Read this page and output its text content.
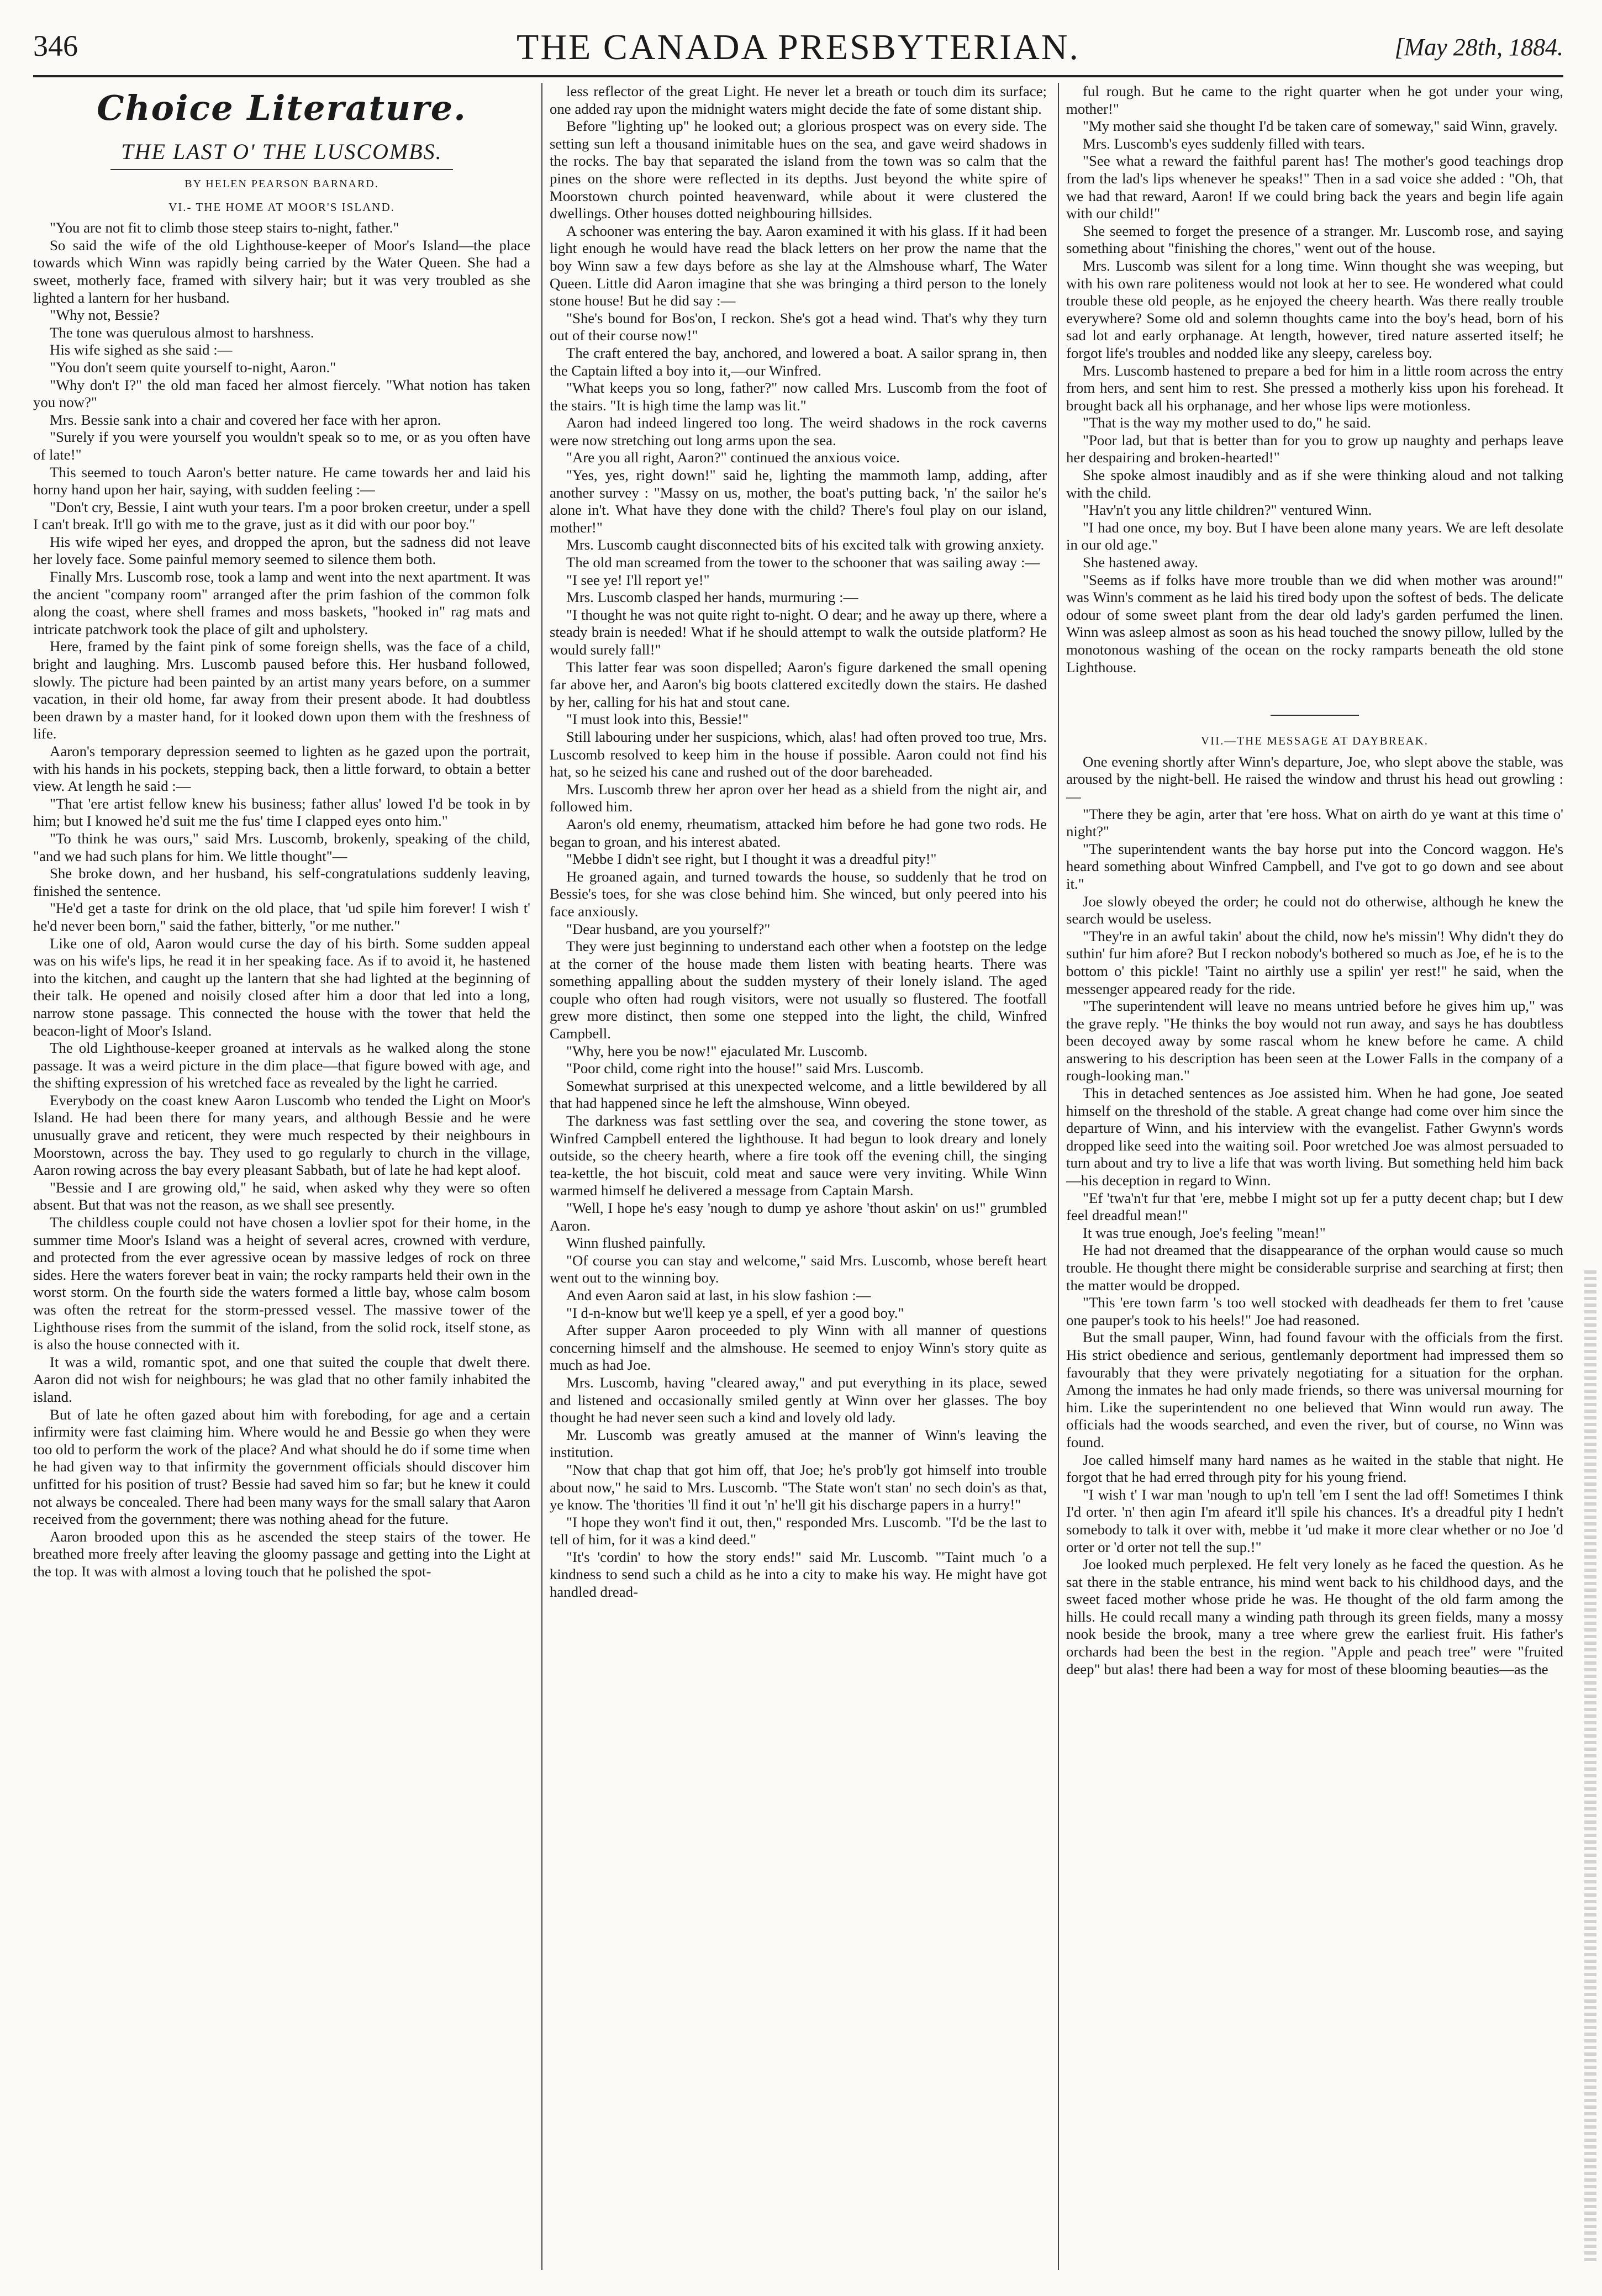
346	THE CANADA PRESBYTERIAN.	[May 28th, 1884.
Choice Literature.
THE LAST O' THE LUSCOMBS.
BY HELEN PEARSON BARNARD.
VI.- THE HOME AT MOOR'S ISLAND.

"You are not fit to climb those steep stairs to-night, father."

So said the wife of the old Lighthouse-keeper of Moor's Island—the place towards which Winn was rapidly being carried by the Water Queen. She had a sweet, motherly face, framed with silvery hair; but it was very troubled as she lighted a lantern for her husband.

"Why not, Bessie?

The tone was querulous almost to harshness.

His wife sighed as she said :—

"You don't seem quite yourself to-night, Aaron."

"Why don't I?" the old man faced her almost fiercely. "What notion has taken you now?"

Mrs. Bessie sank into a chair and covered her face with her apron.

"Surely if you were yourself you wouldn't speak so to me, or as you often have of late!"

This seemed to touch Aaron's better nature. He came towards her and laid his horny hand upon her hair, saying, with sudden feeling :—

"Don't cry, Bessie, I aint wuth your tears. I'm a poor broken creetur, under a spell I can't break. It'll go with me to the grave, just as it did with our poor boy."

His wife wiped her eyes, and dropped the apron, but the sadness did not leave her lovely face. Some painful memory seemed to silence them both.

Finally Mrs. Luscomb rose, took a lamp and went into the next apartment. It was the ancient "company room" arranged after the prim fashion of the common folk along the coast, where shell frames and moss baskets, "hooked in" rag mats and intricate patchwork took the place of gilt and upholstery.

Here, framed by the faint pink of some foreign shells, was the face of a child, bright and laughing. Mrs. Luscomb paused before this. Her husband followed, slowly. The picture had been painted by an artist many years before, on a summer vacation, in their old home, far away from their present abode. It had doubtless been drawn by a master hand, for it looked down upon them with the freshness of life.

Aaron's temporary depression seemed to lighten as he gazed upon the portrait, with his hands in his pockets, stepping back, then a little forward, to obtain a better view. At length he said :—

"That 'ere artist fellow knew his business; father allus' lowed I'd be took in by him; but I knowed he'd suit me the fus' time I clapped eyes onto him."

"To think he was ours," said Mrs. Luscomb, brokenly, speaking of the child, "and we had such plans for him. We little thought"—

She broke down, and her husband, his self-congratulations suddenly leaving, finished the sentence.

"He'd get a taste for drink on the old place, that 'ud spile him forever! I wish t' he'd never been born," said the father, bitterly, "or me nuther."

Like one of old, Aaron would curse the day of his birth. Some sudden appeal was on his wife's lips, he read it in her speaking face. As if to avoid it, he hastened into the kitchen, and caught up the lantern that she had lighted at the beginning of their talk. He opened and noisily closed after him a door that led into a long, narrow stone passage. This connected the house with the tower that held the beacon-light of Moor's Island.

The old Lighthouse-keeper groaned at intervals as he walked along the stone passage. It was a weird picture in the dim place—that figure bowed with age, and the shifting expression of his wretched face as revealed by the light he carried.

Everybody on the coast knew Aaron Luscomb who tended the Light on Moor's Island. He had been there for many years, and although Bessie and he were unusually grave and reticent, they were much respected by their neighbours in Moorstown, across the bay. They used to go regularly to church in the village, Aaron rowing across the bay every pleasant Sabbath, but of late he had kept aloof.

"Bessie and I are growing old," he said, when asked why they were so often absent. But that was not the reason, as we shall see presently.

The childless couple could not have chosen a lovlier spot for their home, in the summer time Moor's Island was a height of several acres, crowned with verdure, and protected from the ever agressive ocean by massive ledges of rock on three sides. Here the waters forever beat in vain; the rocky ramparts held their own in the worst storm. On the fourth side the waters formed a little bay, whose calm bosom was often the retreat for the storm-pressed vessel. The massive tower of the Lighthouse rises from the summit of the island, from the solid rock, itself stone, as is also the house connected with it.

It was a wild, romantic spot, and one that suited the couple that dwelt there. Aaron did not wish for neighbours; he was glad that no other family inhabited the island.

But of late he often gazed about him with foreboding, for age and a certain infirmity were fast claiming him. Where would he and Bessie go when they were too old to perform the work of the place? And what should he do if some time when he had given way to that infirmity the government officials should discover him unfitted for his position of trust? Bessie had saved him so far; but he knew it could not always be concealed. There had been many ways for the small salary that Aaron received from the government; there was nothing ahead for the future.

Aaron brooded upon this as he ascended the steep stairs of the tower. He breathed more freely after leaving the gloomy passage and getting into the Light at the top. It was with almost a loving touch that he polished the spot-

less reflector of the great Light. He never let a breath or touch dim its surface; one added ray upon the midnight waters might decide the fate of some distant ship.

Before "lighting up" he looked out; a glorious prospect was on every side. The setting sun left a thousand inimitable hues on the sea, and gave weird shadows in the rocks. The bay that separated the island from the town was so calm that the pines on the shore were reflected in its depths. Just beyond the white spire of Moorstown church pointed heavenward, while about it were clustered the dwellings. Other houses dotted neighbouring hillsides.

A schooner was entering the bay. Aaron examined it with his glass. If it had been light enough he would have read the black letters on her prow the name that the boy Winn saw a few days before as she lay at the Almshouse wharf, The Water Queen. Little did Aaron imagine that she was bringing a third person to the lonely stone house! But he did say :—

"She's bound for Bos'on, I reckon. She's got a head wind. That's why they turn out of their course now!"

The craft entered the bay, anchored, and lowered a boat. A sailor sprang in, then the Captain lifted a boy into it,—our Winfred.

"What keeps you so long, father?" now called Mrs. Luscomb from the foot of the stairs. "It is high time the lamp was lit."

Aaron had indeed lingered too long. The weird shadows in the rock caverns were now stretching out long arms upon the sea.

"Are you all right, Aaron?" continued the anxious voice.

"Yes, yes, right down!" said he, lighting the mammoth lamp, adding, after another survey : "Massy on us, mother, the boat's putting back, 'n' the sailor he's alone in't. What have they done with the child? There's foul play on our island, mother!"

Mrs. Luscomb caught disconnected bits of his excited talk with growing anxiety.

The old man screamed from the tower to the schooner that was sailing away :—

"I see ye! I'll report ye!"

Mrs. Luscomb clasped her hands, murmuring :—

"I thought he was not quite right to-night. O dear; and he away up there, where a steady brain is needed! What if he should attempt to walk the outside platform? He would surely fall!"

This latter fear was soon dispelled; Aaron's figure darkened the small opening far above her, and Aaron's big boots clattered excitedly down the stairs. He dashed by her, calling for his hat and stout cane.

"I must look into this, Bessie!"

Still labouring under her suspicions, which, alas! had often proved too true, Mrs. Luscomb resolved to keep him in the house if possible. Aaron could not find his hat, so he seized his cane and rushed out of the door bareheaded.

Mrs. Luscomb threw her apron over her head as a shield from the night air, and followed him.

Aaron's old enemy, rheumatism, attacked him before he had gone two rods. He began to groan, and his interest abated.

"Mebbe I didn't see right, but I thought it was a dreadful pity!"

He groaned again, and turned towards the house, so suddenly that he trod on Bessie's toes, for she was close behind him. She winced, but only peered into his face anxiously.

"Dear husband, are you yourself?"

They were just beginning to understand each other when a footstep on the ledge at the corner of the house made them listen with beating hearts. There was something appalling about the sudden mystery of their lonely island. The aged couple who often had rough visitors, were not usually so flustered. The footfall grew more distinct, then some one stepped into the light, the child, Winfred Campbell.

"Why, here you be now!" ejaculated Mr. Luscomb.

"Poor child, come right into the house!" said Mrs. Luscomb.

Somewhat surprised at this unexpected welcome, and a little bewildered by all that had happened since he left the almshouse, Winn obeyed.

The darkness was fast settling over the sea, and covering the stone tower, as Winfred Campbell entered the lighthouse. It had begun to look dreary and lonely outside, so the cheery hearth, where a fire took off the evening chill, the singing tea-kettle, the hot biscuit, cold meat and sauce were very inviting. While Winn warmed himself he delivered a message from Captain Marsh.

"Well, I hope he's easy 'nough to dump ye ashore 'thout askin' on us!" grumbled Aaron.

Winn flushed painfully.

"Of course you can stay and welcome," said Mrs. Luscomb, whose bereft heart went out to the winning boy.

And even Aaron said at last, in his slow fashion :—

"I d-n-know but we'll keep ye a spell, ef yer a good boy."

After supper Aaron proceeded to ply Winn with all manner of questions concerning himself and the almshouse. He seemed to enjoy Winn's story quite as much as had Joe.

Mrs. Luscomb, having "cleared away," and put everything in its place, sewed and listened and occasionally smiled gently at Winn over her glasses. The boy thought he had never seen such a kind and lovely old lady.

Mr. Luscomb was greatly amused at the manner of Winn's leaving the institution.

"Now that chap that got him off, that Joe; he's prob'ly got himself into trouble about now," he said to Mrs. Luscomb. "The State won't stan' no sech doin's as that, ye know. The 'thorities 'll find it out 'n' he'll git his discharge papers in a hurry!"

"I hope they won't find it out, then," responded Mrs. Luscomb. "I'd be the last to tell of him, for it was a kind deed."

"It's 'cordin' to how the story ends!" said Mr. Luscomb. "'Taint much 'o a kindness to send such a child as he into a city to make his way. He might have got handled dread-

ful rough. But he came to the right quarter when he got under your wing, mother!"

"My mother said she thought I'd be taken care of someway," said Winn, gravely.

Mrs. Luscomb's eyes suddenly filled with tears.

"See what a reward the faithful parent has! The mother's good teachings drop from the lad's lips whenever he speaks!" Then in a sad voice she added : "Oh, that we had that reward, Aaron! If we could bring back the years and begin life again with our child!"

She seemed to forget the presence of a stranger. Mr. Luscomb rose, and saying something about "finishing the chores," went out of the house.

Mrs. Luscomb was silent for a long time. Winn thought she was weeping, but with his own rare politeness would not look at her to see. He wondered what could trouble these old people, as he enjoyed the cheery hearth. Was there really trouble everywhere? Some old and solemn thoughts came into the boy's head, born of his sad lot and early orphanage. At length, however, tired nature asserted itself; he forgot life's troubles and nodded like any sleepy, careless boy.

Mrs. Luscomb hastened to prepare a bed for him in a little room across the entry from hers, and sent him to rest. She pressed a motherly kiss upon his forehead. It brought back all his orphanage, and her whose lips were motionless.

"That is the way my mother used to do," he said.

"Poor lad, but that is better than for you to grow up naughty and perhaps leave her despairing and broken-hearted!"

She spoke almost inaudibly and as if she were thinking aloud and not talking with the child.

"Hav'n't you any little children?" ventured Winn.

"I had one once, my boy. But I have been alone many years. We are left desolate in our old age."

She hastened away.

"Seems as if folks have more trouble than we did when mother was around!" was Winn's comment as he laid his tired body upon the softest of beds. The delicate odour of some sweet plant from the dear old lady's garden perfumed the linen. Winn was asleep almost as soon as his head touched the snowy pillow, lulled by the monotonous washing of the ocean on the rocky ramparts beneath the old stone Lighthouse.

VII.—THE MESSAGE AT DAYBREAK.

One evening shortly after Winn's departure, Joe, who slept above the stable, was aroused by the night-bell. He raised the window and thrust his head out growling :—

"There they be agin, arter that 'ere hoss. What on airth do ye want at this time o' night?"

"The superintendent wants the bay horse put into the Concord waggon. He's heard something about Winfred Campbell, and I've got to go down and see about it."

Joe slowly obeyed the order; he could not do otherwise, although he knew the search would be useless.

"They're in an awful takin' about the child, now he's missin'! Why didn't they do suthin' fur him afore? But I reckon nobody's bothered so much as Joe, ef he is to the bottom o' this pickle! 'Taint no airthly use a spilin' yer rest!" he said, when the messenger appeared ready for the ride.

"The superintendent will leave no means untried before he gives him up," was the grave reply. "He thinks the boy would not run away, and says he has doubtless been decoyed away by some rascal whom he knew before he came. A child answering to his description has been seen at the Lower Falls in the company of a rough-looking man."

This in detached sentences as Joe assisted him. When he had gone, Joe seated himself on the threshold of the stable. A great change had come over him since the departure of Winn, and his interview with the evangelist. Father Gwynn's words dropped like seed into the waiting soil. Poor wretched Joe was almost persuaded to turn about and try to live a life that was worth living. But something held him back—his deception in regard to Winn.

"Ef 'twa'n't fur that 'ere, mebbe I might sot up fer a putty decent chap; but I dew feel dreadful mean!"

It was true enough, Joe's feeling "mean!"

He had not dreamed that the disappearance of the orphan would cause so much trouble. He thought there might be considerable surprise and searching at first; then the matter would be dropped.

"This 'ere town farm 's too well stocked with deadheads fer them to fret 'cause one pauper's took to his heels!" Joe had reasoned.

But the small pauper, Winn, had found favour with the officials from the first. His strict obedience and serious, gentlemanly deportment had impressed them so favourably that they were privately negotiating for a situation for the orphan. Among the inmates he had only made friends, so there was universal mourning for him. Like the superintendent no one believed that Winn would run away. The officials had the woods searched, and even the river, but of course, no Winn was found.

Joe called himself many hard names as he waited in the stable that night. He forgot that he had erred through pity for his young friend.

"I wish t' I war man 'nough to up'n tell 'em I sent the lad off! Sometimes I think I'd orter. 'n' then agin I'm afeard it'll spile his chances. It's a dreadful pity I hedn't somebody to talk it over with, mebbe it 'ud make it more clear whether or no Joe 'd orter or 'd orter not tell the sup.!"

Joe looked much perplexed. He felt very lonely as he faced the question. As he sat there in the stable entrance, his mind went back to his childhood days, and the sweet faced mother whose pride he was. He thought of the old farm among the hills. He could recall many a winding path through its green fields, many a mossy nook beside the brook, many a tree where grew the earliest fruit. His father's orchards had been the best in the region. "Apple and peach tree" were "fruited deep" but alas! there had been a way for most of these blooming beauties—as the
